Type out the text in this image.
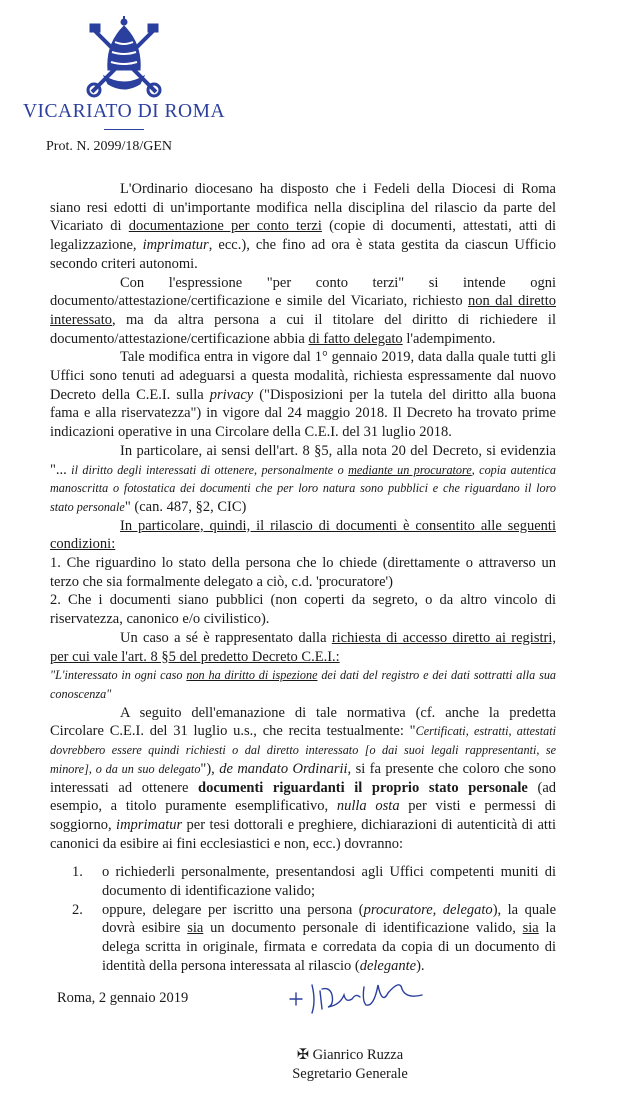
VICARIATO DI ROMA
Prot. N. 2099/18/GEN

L'Ordinario diocesano ha disposto che i Fedeli della Diocesi di Roma siano resi edotti di un'importante modifica nella disciplina del rilascio da parte del Vicariato di documentazione per conto terzi (copie di documenti, attestati, atti di legalizzazione, imprimatur, ecc.), che fino ad ora è stata gestita da ciascun Ufficio secondo criteri autonomi.

Con l'espressione "per conto terzi" si intende ogni documento/attestazione/certificazione e simile del Vicariato, richiesto non dal diretto interessato, ma da altra persona a cui il titolare del diritto di richiedere il documento/attestazione/certificazione abbia di fatto delegato l'adempimento.

Tale modifica entra in vigore dal 1° gennaio 2019, data dalla quale tutti gli Uffici sono tenuti ad adeguarsi a questa modalità, richiesta espressamente dal nuovo Decreto della C.E.I. sulla privacy ("Disposizioni per la tutela del diritto alla buona fama e alla riservatezza") in vigore dal 24 maggio 2018. Il Decreto ha trovato prime indicazioni operative in una Circolare della C.E.I. del 31 luglio 2018.

In particolare, ai sensi dell'art. 8 §5, alla nota 20 del Decreto, si evidenzia "... il diritto degli interessati di ottenere, personalmente o mediante un procuratore, copia autentica manoscritta o fotostatica dei documenti che per loro natura sono pubblici e che riguardano il loro stato personale" (can. 487, §2, CIC)

In particolare, quindi, il rilascio di documenti è consentito alle seguenti condizioni:

1. Che riguardino lo stato della persona che lo chiede (direttamente o attraverso un terzo che sia formalmente delegato a ciò, c.d. 'procuratore')

2. Che i documenti siano pubblici (non coperti da segreto, o da altro vincolo di riservatezza, canonico e/o civilistico).

Un caso a sé è rappresentato dalla richiesta di accesso diretto ai registri, per cui vale l'art. 8 §5 del predetto Decreto C.E.I.:

"L'interessato in ogni caso non ha diritto di ispezione dei dati del registro e dei dati sottratti alla sua conoscenza"

A seguito dell'emanazione di tale normativa (cf. anche la predetta Circolare C.E.I. del 31 luglio u.s., che recita testualmente: "Certificati, estratti, attestati dovrebbero essere quindi richiesti o dal diretto interessato [o dai suoi legali rappresentanti, se minore], o da un suo delegato"), de mandato Ordinarii, si fa presente che coloro che sono interessati ad ottenere documenti riguardanti il proprio stato personale (ad esempio, a titolo puramente esemplificativo, nulla osta per visti e permessi di soggiorno, imprimatur per tesi dottorali e preghiere, dichiarazioni di autenticità di atti canonici da esibire ai fini ecclesiastici e non, ecc.) dovranno:

1. o richiederli personalmente, presentandosi agli Uffici competenti muniti di documento di identificazione valido;
2. oppure, delegare per iscritto una persona (procuratore, delegato), la quale dovrà esibire sia un documento personale di identificazione valido, sia la delega scritta in originale, firmata e corredata da copia di un documento di identità della persona interessata al rilascio (delegante).
Roma, 2 gennaio 2019
✠ Gianrico Ruzza
Segretario Generale
